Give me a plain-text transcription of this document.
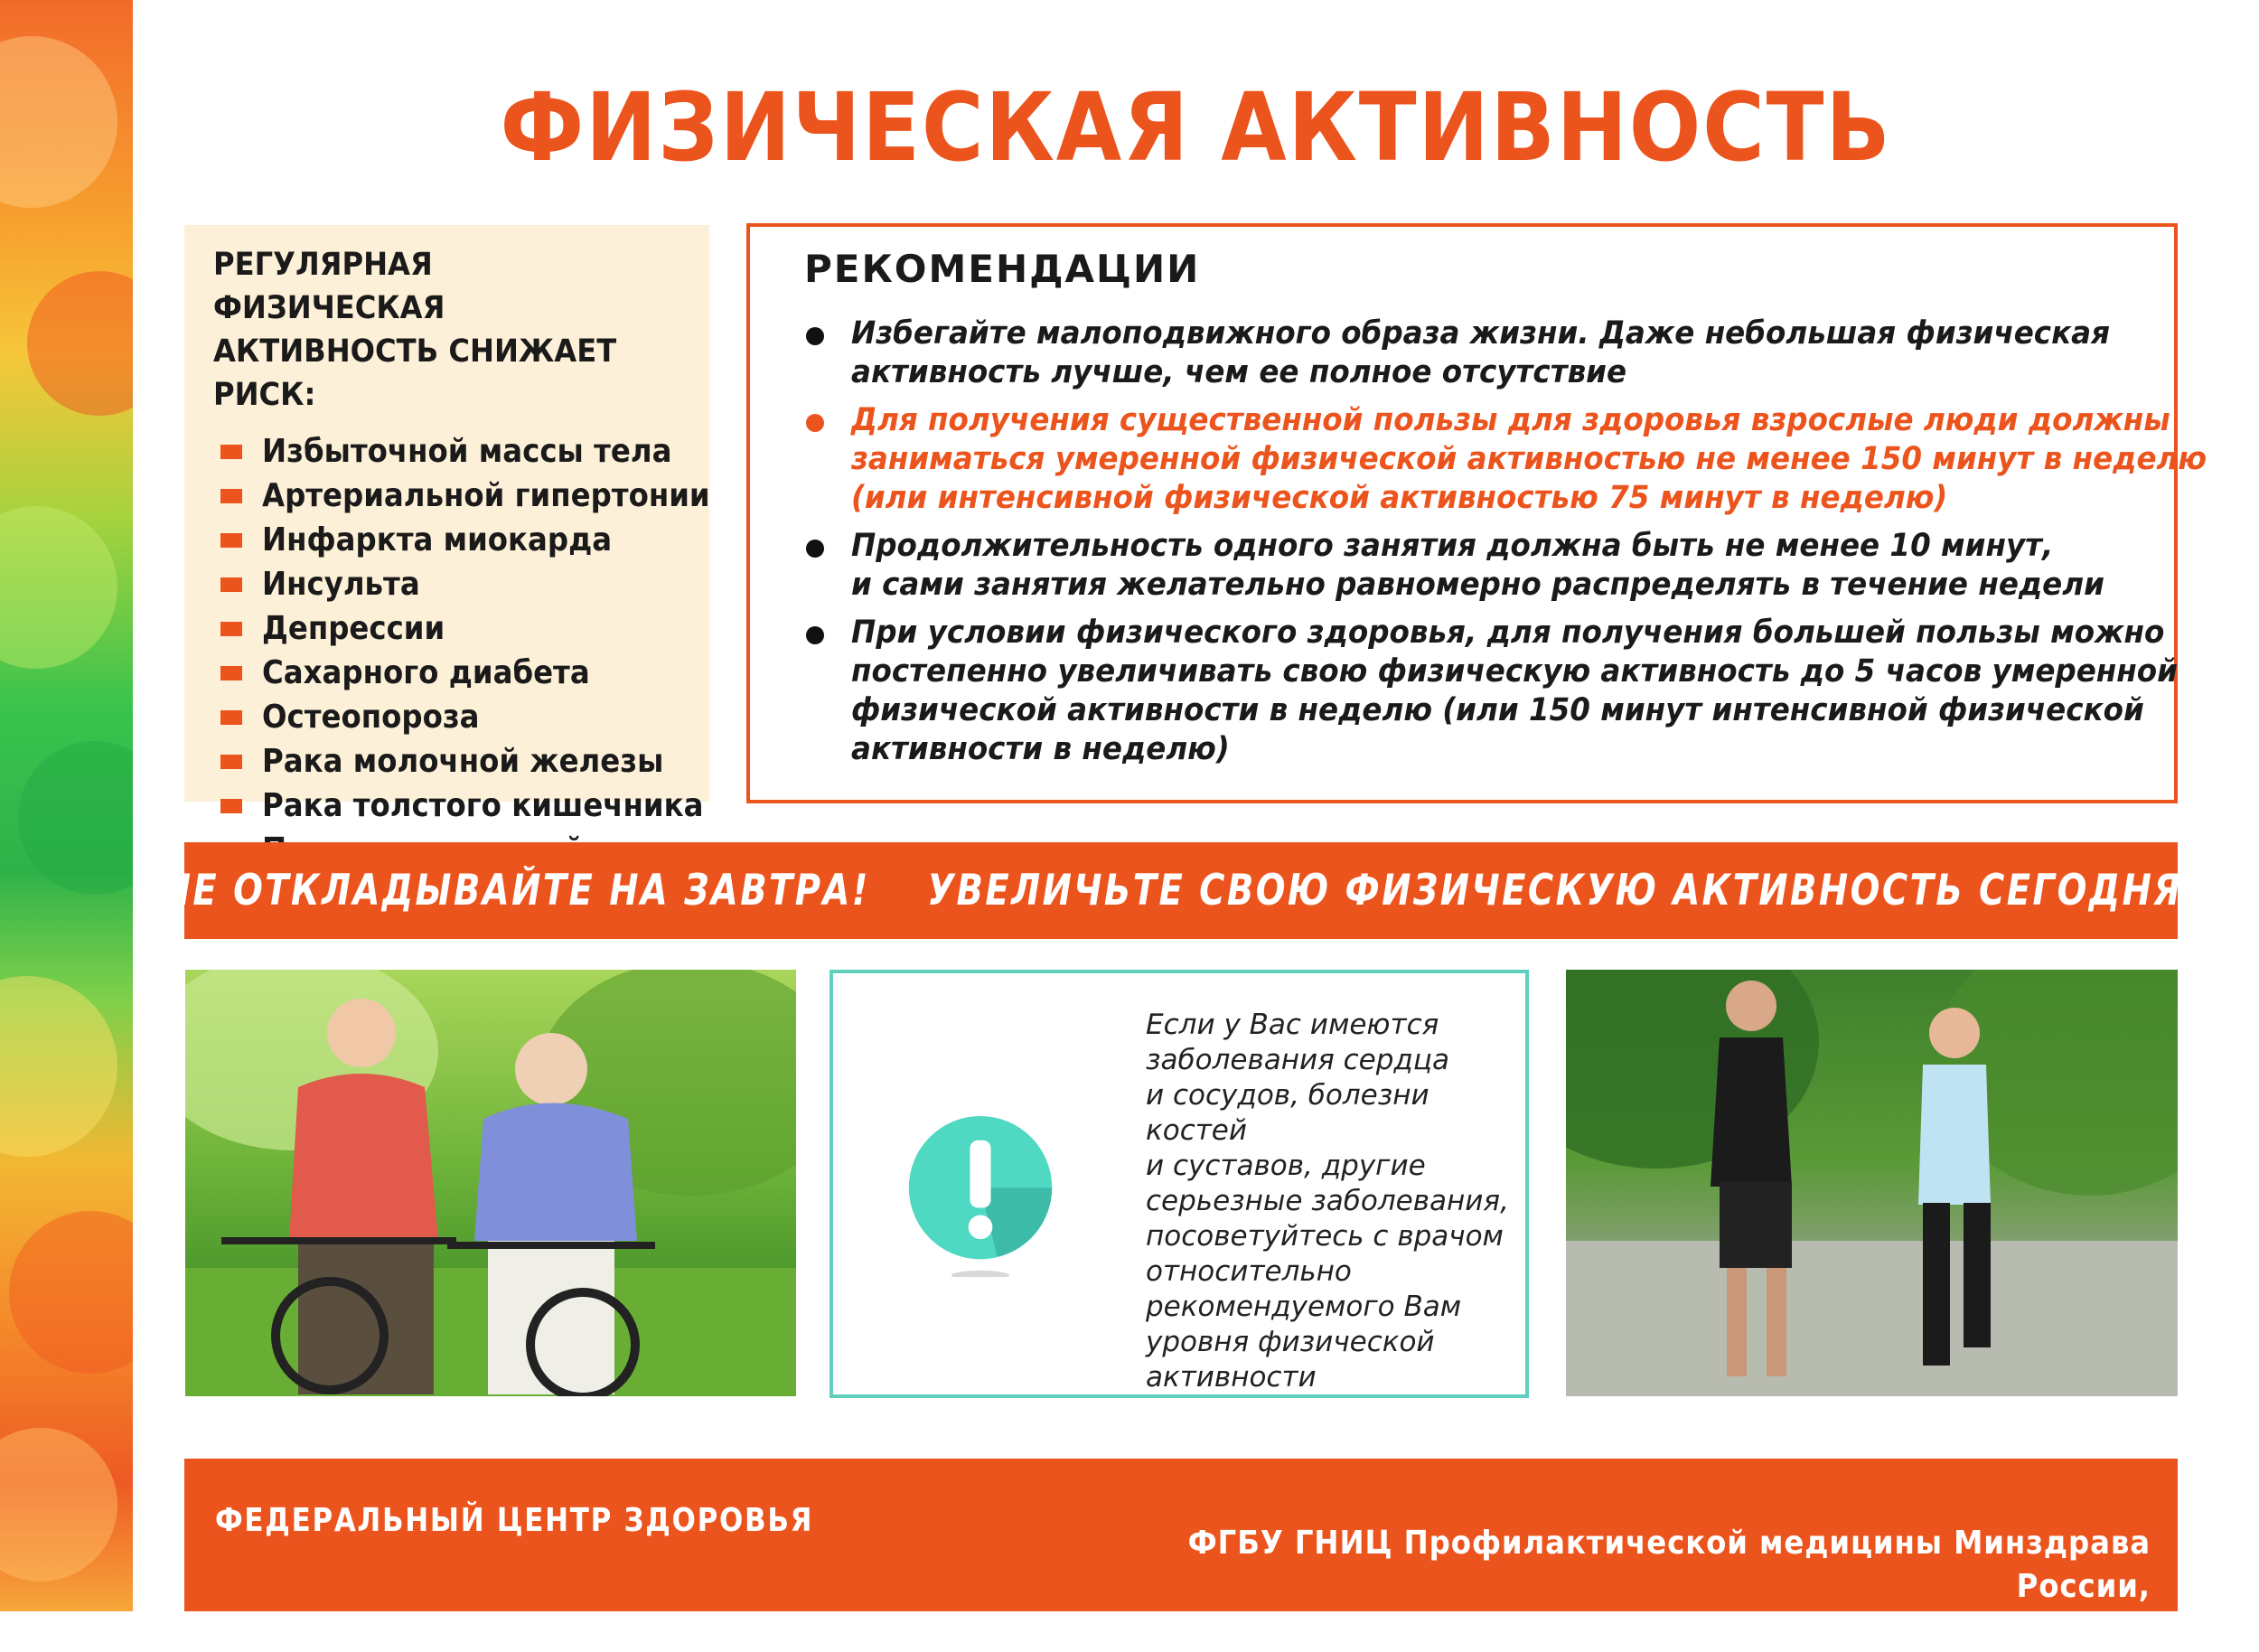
ФИЗИЧЕСКАЯ АКТИВНОСТЬ
РЕГУЛЯРНАЯ ФИЗИЧЕСКАЯ
АКТИВНОСТЬ СНИЖАЕТ РИСК:
Избыточной массы тела
Артериальной гипертонии
Инфаркта миокарда
Инсульта
Депрессии
Сахарного диабета
Остеопороза
Рака молочной железы
Рака толстого кишечника
РЕКОМЕНДАЦИИ
Избегайте малоподвижного образа жизни. Даже небольшая физическая
активность лучше, чем ее полное отсутствие
Для получения существенной пользы для здоровья взрослые люди должны
заниматься умеренной физической активностью не менее 150 минут в неделю
(или интенсивной физической активностью 75 минут в неделю)
Продолжительность одного занятия должна быть не менее 10 минут,
и сами занятия желательно равномерно распределять в течение недели
При условии физического здоровья, для получения большей пользы можно
постепенно увеличивать свою физическую активность до 5 часов умеренной
физической активности в неделю (или 150 минут интенсивной физической
активности в неделю)
НЕ ОТКЛАДЫВАЙТЕ НА ЗАВТРА!    УВЕЛИЧЬТЕ СВОЮ ФИЗИЧЕСКУЮ АКТИВНОСТЬ СЕГОДНЯ!
Если у Вас имеются
заболевания сердца
и сосудов, болезни костей
и суставов, другие
серьезные заболевания,
посоветуйтесь с врачом
относительно
рекомендуемого Вам
уровня физической
активности
ФЕДЕРАЛЬНЫЙ ЦЕНТР ЗДОРОВЬЯ

ФГБУ ГНИЦ Профилактической медицины Минздрава России,
Москва
